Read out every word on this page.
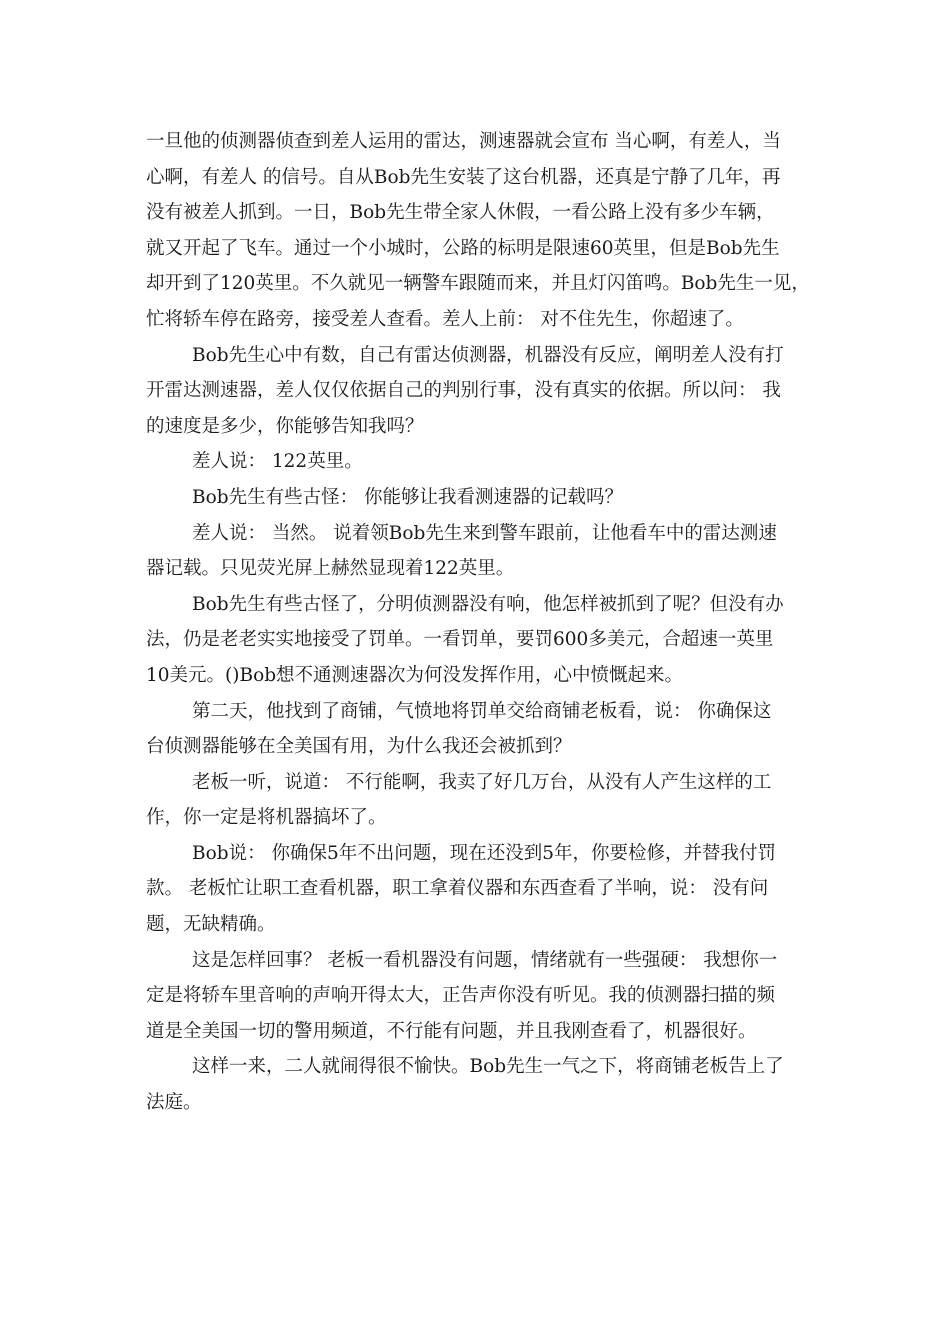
一旦他的侦测器侦查到差人运用的雷达，测速器就会宣布 当心啊，有差人，当
心啊，有差人 的信号。自从Bob先生安装了这台机器，还真是宁静了几年，再
没有被差人抓到。一日，Bob先生带全家人休假，一看公路上没有多少车辆，
就又开起了飞车。通过一个小城时，公路的标明是限速60英里，但是Bob先生
却开到了120英里。不久就见一辆警车跟随而来，并且灯闪笛鸣。Bob先生一见，
忙将轿车停在路旁，接受差人查看。差人上前： 对不住先生，你超速了。
Bob先生心中有数，自己有雷达侦测器，机器没有反应，阐明差人没有打
开雷达测速器，差人仅仅依据自己的判别行事，没有真实的依据。所以问： 我
的速度是多少，你能够告知我吗？
差人说： 122英里。
Bob先生有些古怪： 你能够让我看测速器的记载吗？
差人说： 当然。 说着领Bob先生来到警车跟前，让他看车中的雷达测速
器记载。只见荧光屏上赫然显现着122英里。
Bob先生有些古怪了，分明侦测器没有响，他怎样被抓到了呢？但没有办
法，仍是老老实实地接受了罚单。一看罚单，要罚600多美元，合超速一英里
10美元。()Bob想不通测速器次为何没发挥作用，心中愤慨起来。
第二天，他找到了商铺，气愤地将罚单交给商铺老板看，说： 你确保这
台侦测器能够在全美国有用，为什么我还会被抓到？
老板一听，说道： 不行能啊，我卖了好几万台，从没有人产生这样的工
作，你一定是将机器搞坏了。
Bob说： 你确保5年不出问题，现在还没到5年，你要检修，并替我付罚
款。 老板忙让职工查看机器，职工拿着仪器和东西查看了半响，说： 没有问
题，无缺精确。
这是怎样回事？ 老板一看机器没有问题，情绪就有一些强硬： 我想你一
定是将轿车里音响的声响开得太大，正告声你没有听见。我的侦测器扫描的频
道是全美国一切的警用频道，不行能有问题，并且我刚查看了，机器很好。
这样一来，二人就闹得很不愉快。Bob先生一气之下，将商铺老板告上了
法庭。
